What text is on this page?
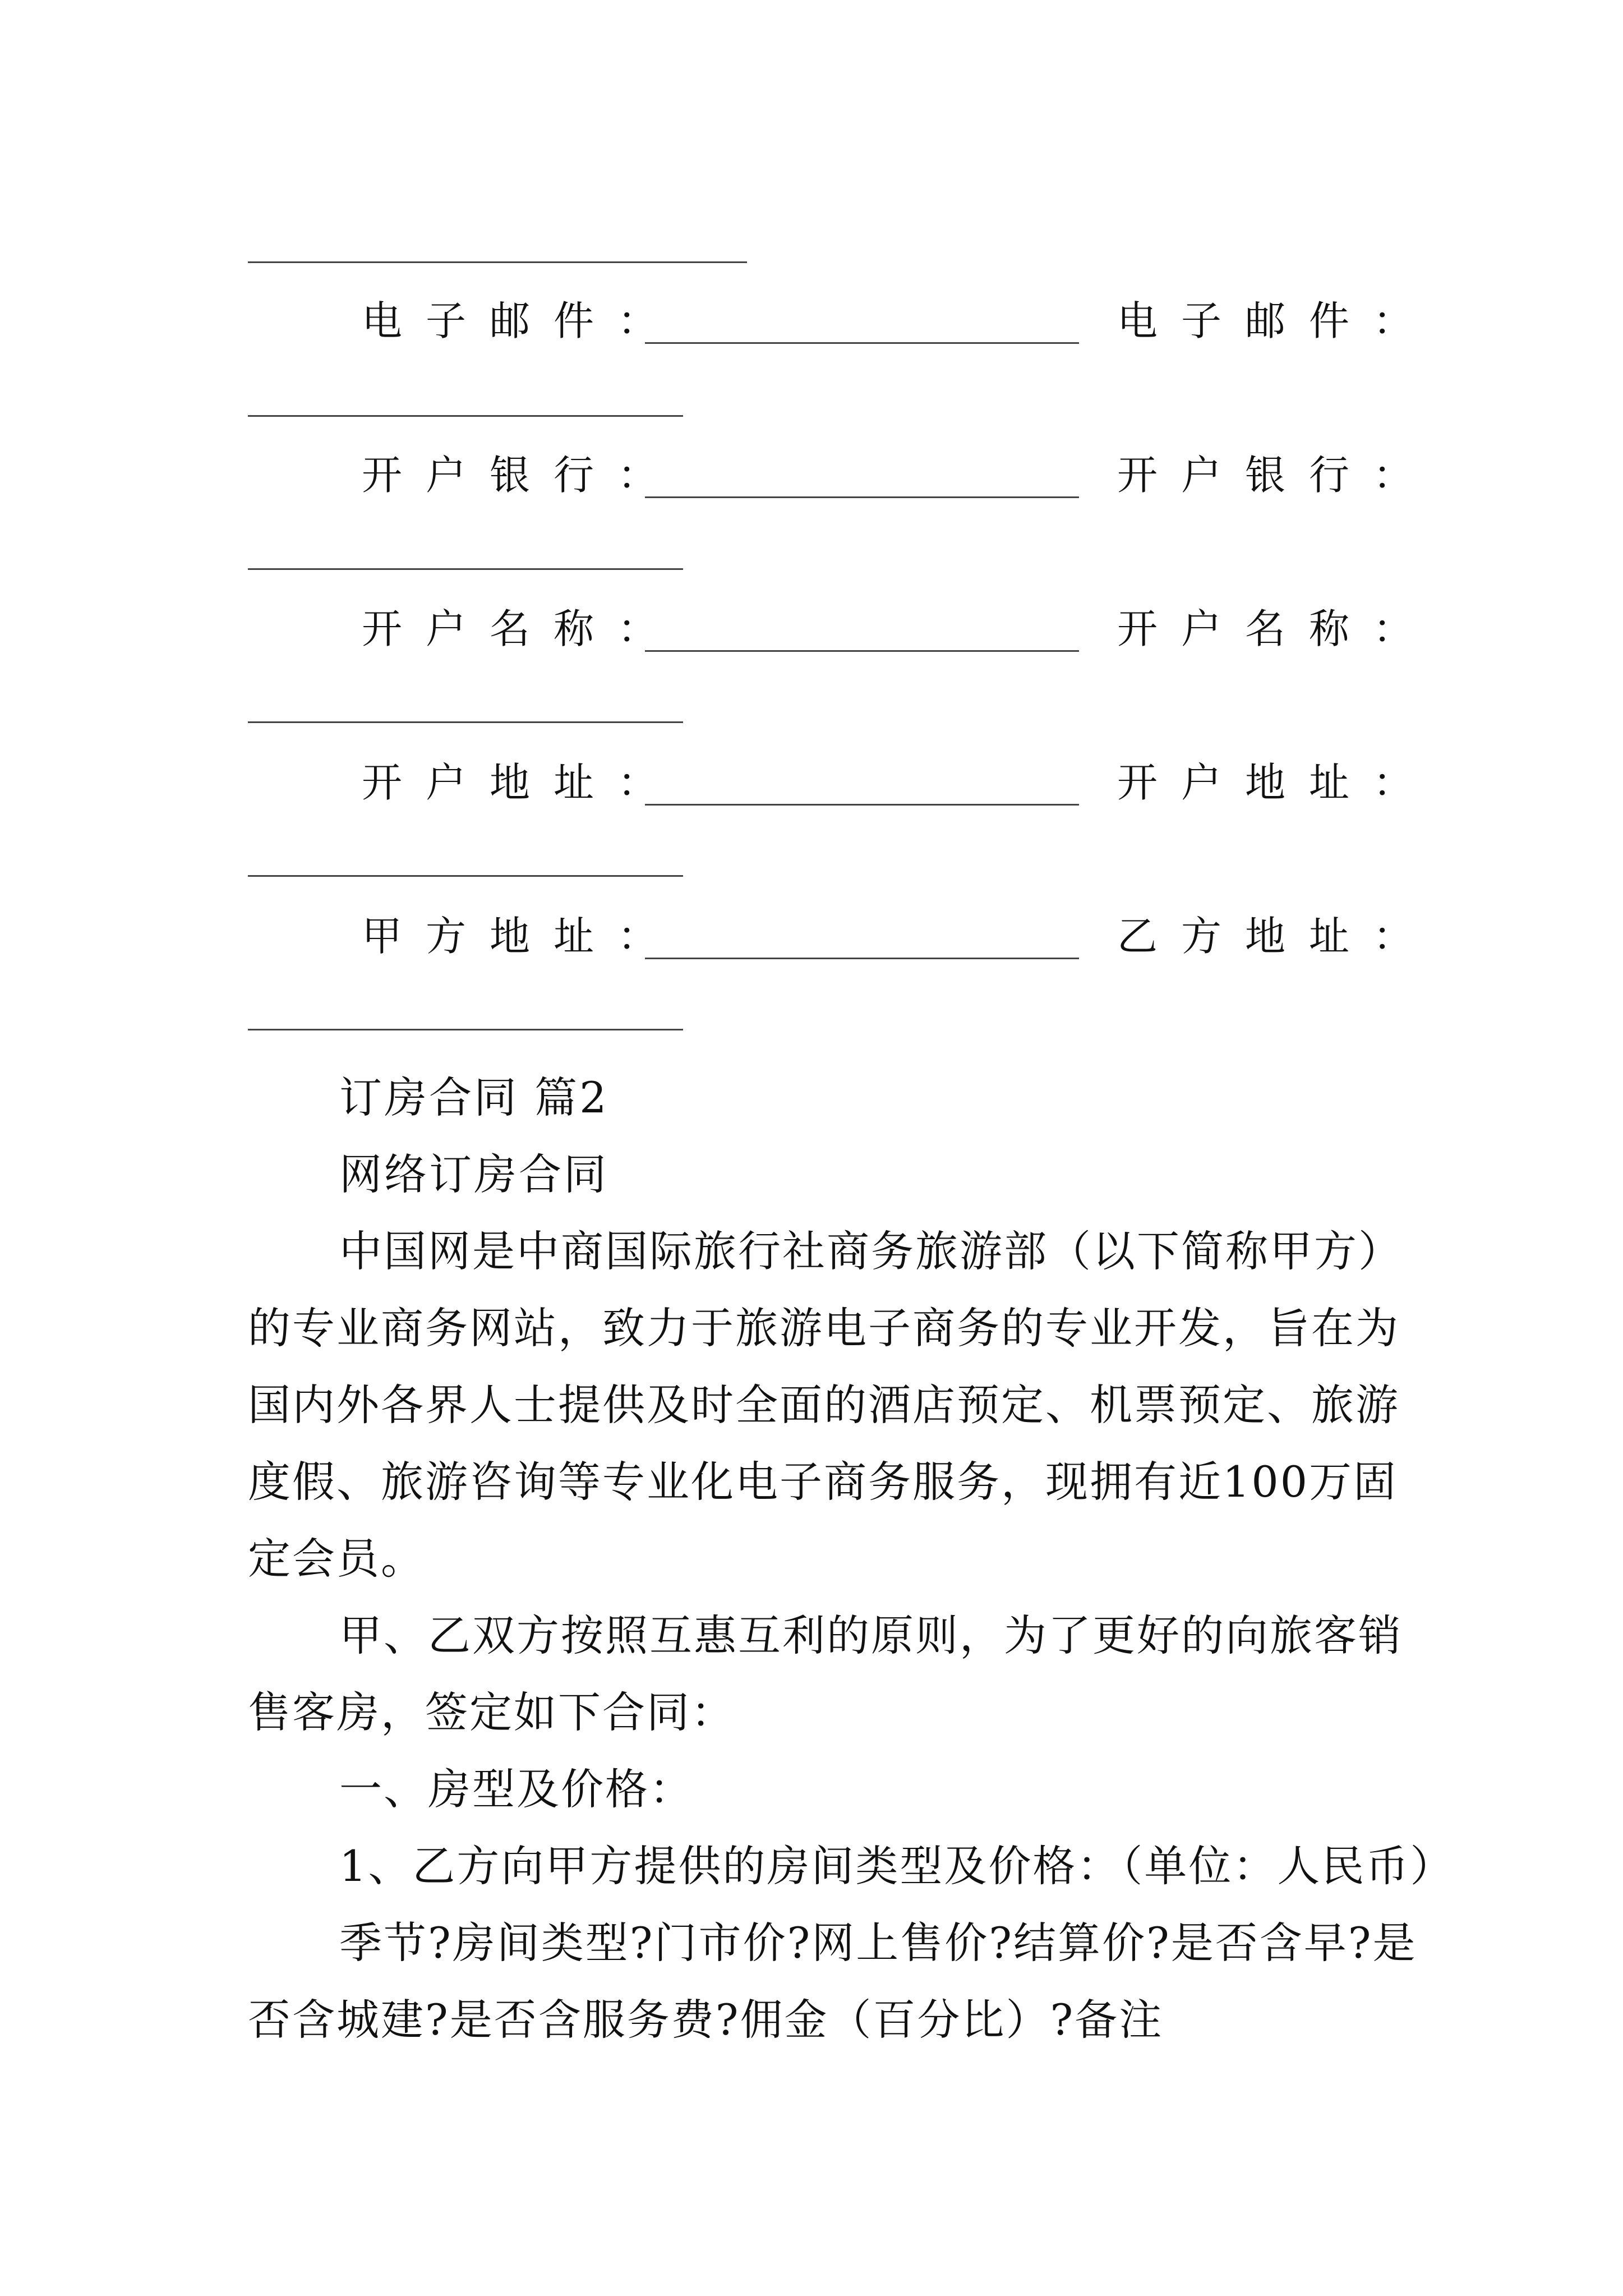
电子邮件：	电子邮件：
开户银行：	开户银行：
开户名称：	开户名称：
开户地址：	开户地址：
甲方地址：	乙方地址：
订房合同 篇2
网络订房合同
中国网是中商国际旅行社商务旅游部（以下简称甲方）
的专业商务网站，致力于旅游电子商务的专业开发，旨在为
国内外各界人士提供及时全面的酒店预定、机票预定、旅游
度假、旅游咨询等专业化电子商务服务，现拥有近100万固
定会员。
甲、乙双方按照互惠互利的原则，为了更好的向旅客销
售客房，签定如下合同：
一、房型及价格：
1、乙方向甲方提供的房间类型及价格：（单位：人民币）
季节?房间类型?门市价?网上售价?结算价?是否含早?是
否含城建?是否含服务费?佣金（百分比）?备注
